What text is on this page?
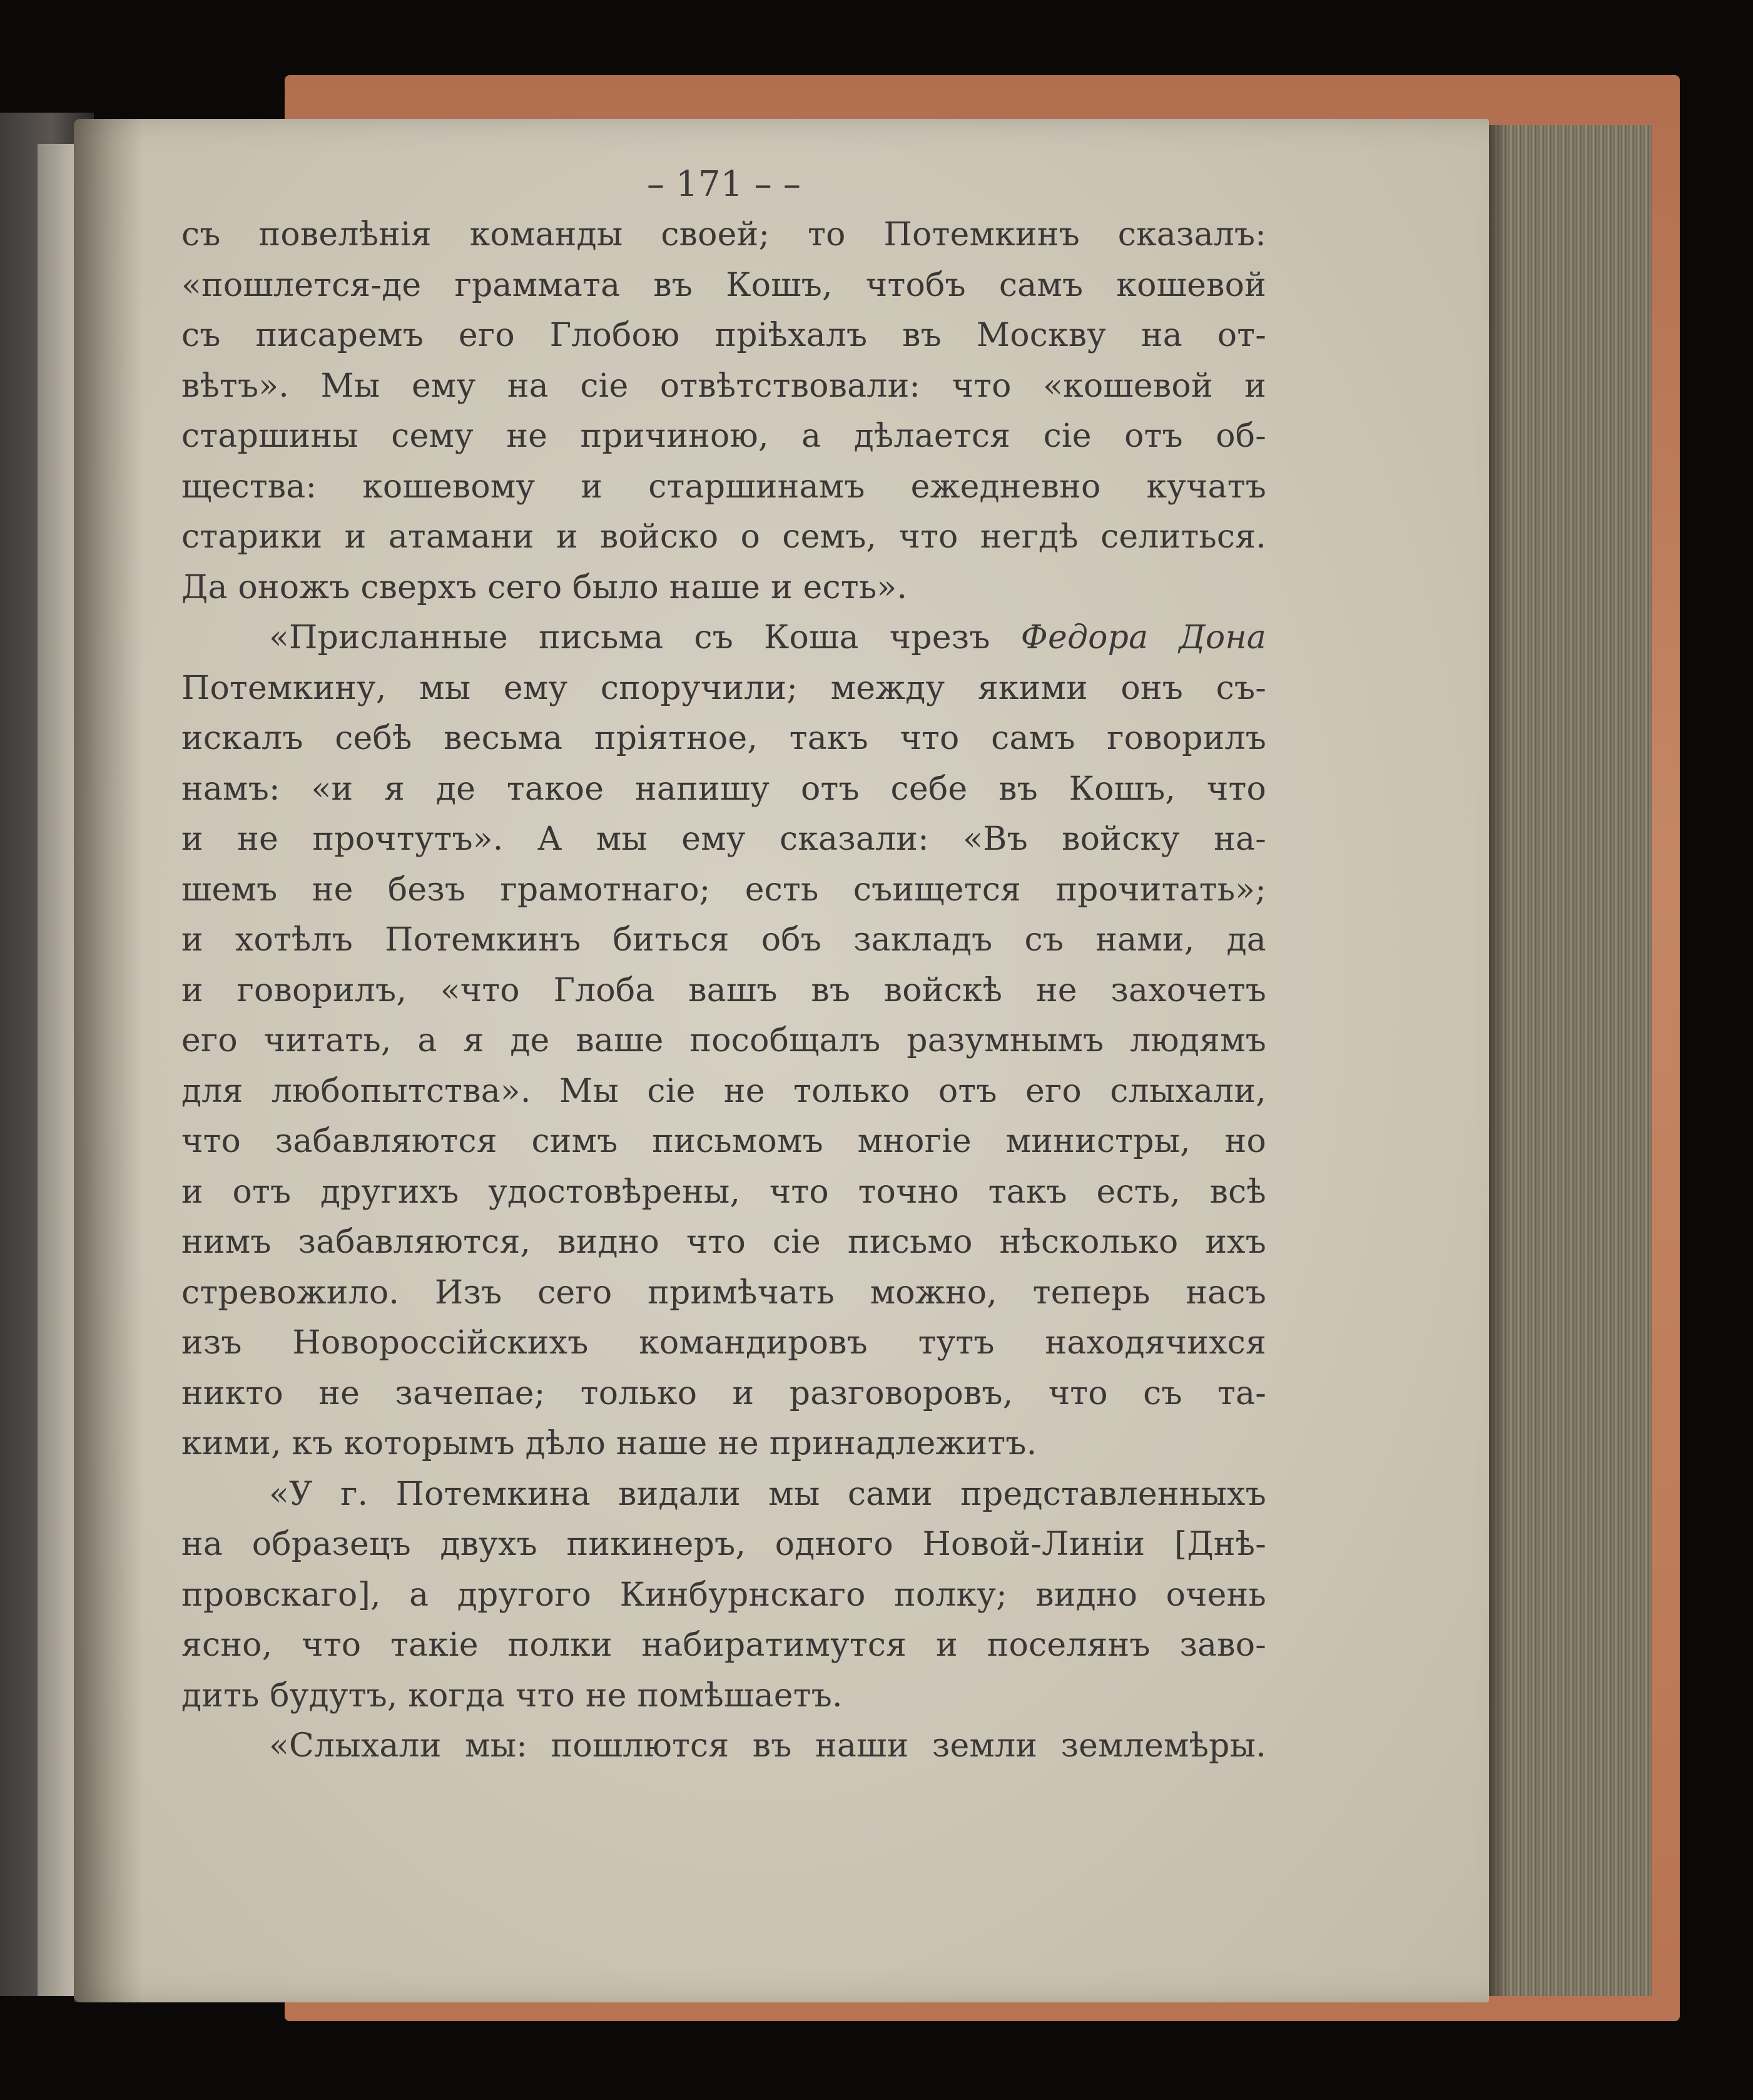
– 171 – –
съ повелѣнія команды своей; то Потемкинъ сказалъ:
«пошлется-де граммата въ Кошъ, чтобъ самъ кошевой
съ писаремъ его Глобою пріѣхалъ въ Москву на от-
вѣтъ». Мы ему на сіе отвѣтствовали: что «кошевой и
старшины сему не причиною, а дѣлается сіе отъ об-
щества: кошевому и старшинамъ ежедневно кучатъ
старики и атамани и войско о семъ, что негдѣ селиться.
Да оножъ сверхъ сего было наше и есть».
«Присланные письма съ Коша чрезъ Федора Дона
Потемкину, мы ему споручили; между якими онъ съ-
искалъ себѣ весьма пріятное, такъ что самъ говорилъ
намъ: «и я де такое напишу отъ себе въ Кошъ, что
и не прочтутъ». А мы ему сказали: «Въ войску на-
шемъ не безъ грамотнаго; есть съищется прочитать»;
и хотѣлъ Потемкинъ биться объ закладъ съ нами, да
и говорилъ, «что Глоба вашъ въ войскѣ не захочетъ
его читать, а я де ваше пособщалъ разумнымъ людямъ
для любопытства». Мы сіе не только отъ его слыхали,
что забавляются симъ письмомъ многіе министры, но
и отъ другихъ удостовѣрены, что точно такъ есть, всѣ
нимъ забавляются, видно что сіе письмо нѣсколько ихъ
стревожило. Изъ сего примѣчать можно, теперь насъ
изъ Новороссійскихъ командировъ тутъ находячихся
никто не зачепае; только и разговоровъ, что съ та-
кими, къ которымъ дѣло наше не принадлежитъ.
«У г. Потемкина видали мы сами представленныхъ
на образецъ двухъ пикинеръ, одного Новой-Линіи [Днѣ-
провскаго], а другого Кинбурнскаго полку; видно очень
ясно, что такіе полки набиратимутся и поселянъ заво-
дить будутъ, когда что не помѣшаетъ.
«Слыхали мы: пошлются въ наши земли землемѣры.
